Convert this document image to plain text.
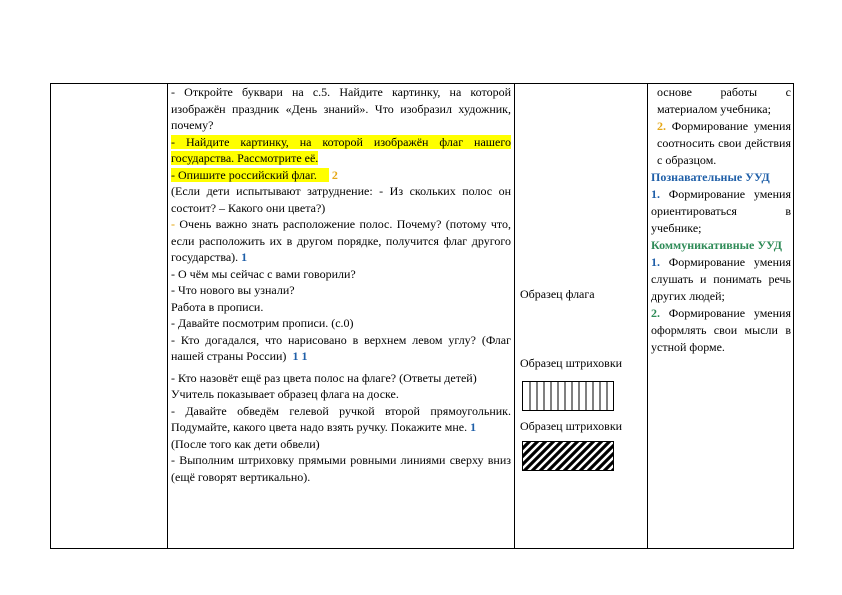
- Откройте буквари на с.5. Найдите картинку, на которой изображён праздник «День знаний». Что изобразил художник, почему?

- Найдите картинку, на которой изображён флаг нашего государства. Рассмотрите её.

- Опишите российский флаг. 2

(Если дети испытывают затруднение: - Из скольких полос он состоит? – Какого они цвета?)

- Очень важно знать расположение полос. Почему? (потому что, если расположить их в другом порядке, получится флаг другого государства). 1

- О чём мы сейчас с вами говорили?

- Что нового вы узнали?

Работа в прописи.

- Давайте посмотрим прописи. (с.0)

- Кто догадался, что нарисовано в верхнем левом углу? (Флаг нашей страны России) 1 1

- Кто назовёт ещё раз цвета полос на флаге? (Ответы детей)

Учитель показывает образец флага на доске.

- Давайте обведём гелевой ручкой второй прямоугольник. Подумайте, какого цвета надо взять ручку. Покажите мне. 1

(После того как дети обвели)

- Выполним штриховку прямыми ровными линиями сверху вниз (ещё говорят вертикально).

Образец флага
Образец штриховки
Образец штриховки

основе работы с материалом учебника;

2. Формирование умения соотносить свои действия с образцом.

Познавательные УУД

1. Формирование умения ориентироваться в учебнике;

Коммуникативные УУД

1. Формирование умения слушать и понимать речь других людей;

2. Формирование умения оформлять свои мысли в устной форме.
